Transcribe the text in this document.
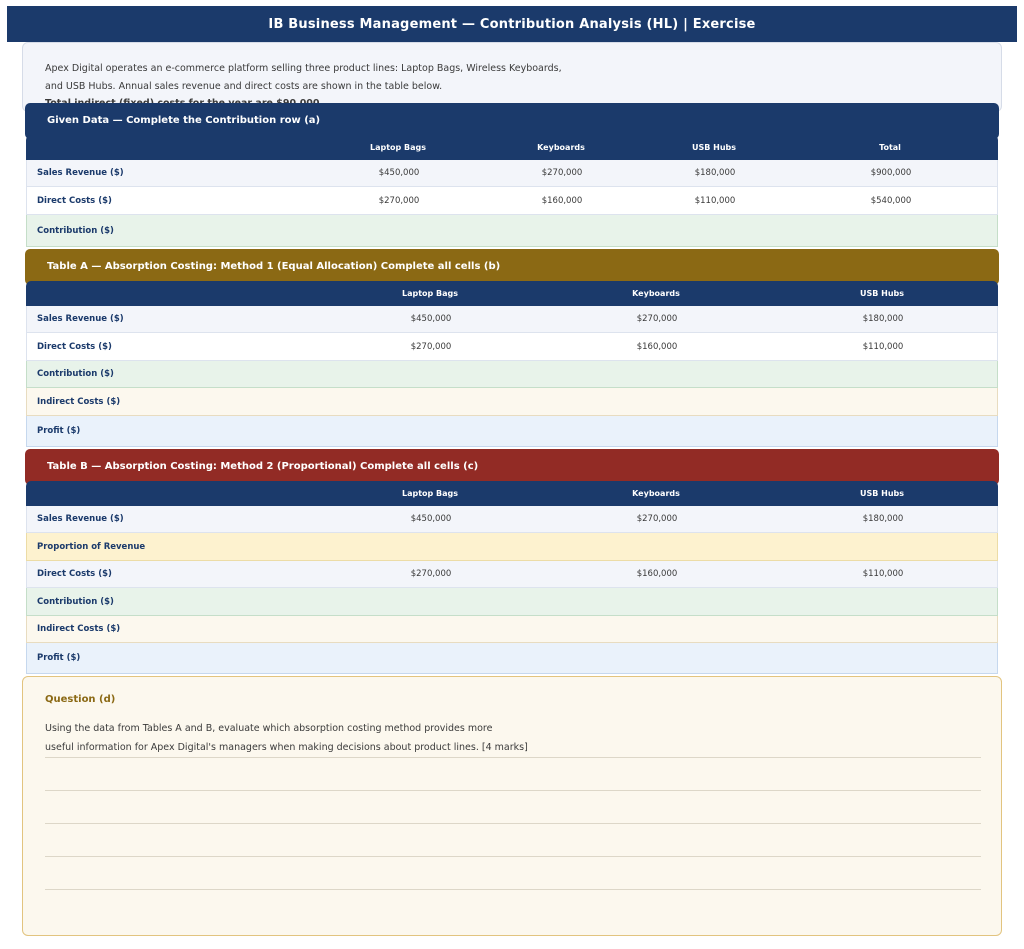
IB Business Management — Contribution Analysis (HL) | Exercise
Apex Digital operates an e-commerce platform selling three product lines: Laptop Bags, Wireless Keyboards,
and USB Hubs. Annual sales revenue and direct costs are shown in the table below.
Given Data — Complete the Contribution row (a)
Laptop Bags	Keyboards	USB Hubs	Total
Sales Revenue ($)	$450,000	$270,000	$180,000	$900,000
Direct Costs ($)	$270,000	$160,000	$110,000	$540,000
Contribution ($)
Table A — Absorption Costing: Method 1 (Equal Allocation) Complete all cells (b)
Laptop Bags	Keyboards	USB Hubs
Sales Revenue ($)	$450,000	$270,000	$180,000
Direct Costs ($)	$270,000	$160,000	$110,000
Contribution ($)
Indirect Costs ($)
Profit ($)
Table B — Absorption Costing: Method 2 (Proportional) Complete all cells (c)
Laptop Bags	Keyboards	USB Hubs
Sales Revenue ($)	$450,000	$270,000	$180,000
Proportion of Revenue
Direct Costs ($)	$270,000	$160,000	$110,000
Contribution ($)
Indirect Costs ($)
Profit ($)
Question (d)
Using the data from Tables A and B, evaluate which absorption costing method provides more
useful information for Apex Digital's managers when making decisions about product lines. [4 marks]
